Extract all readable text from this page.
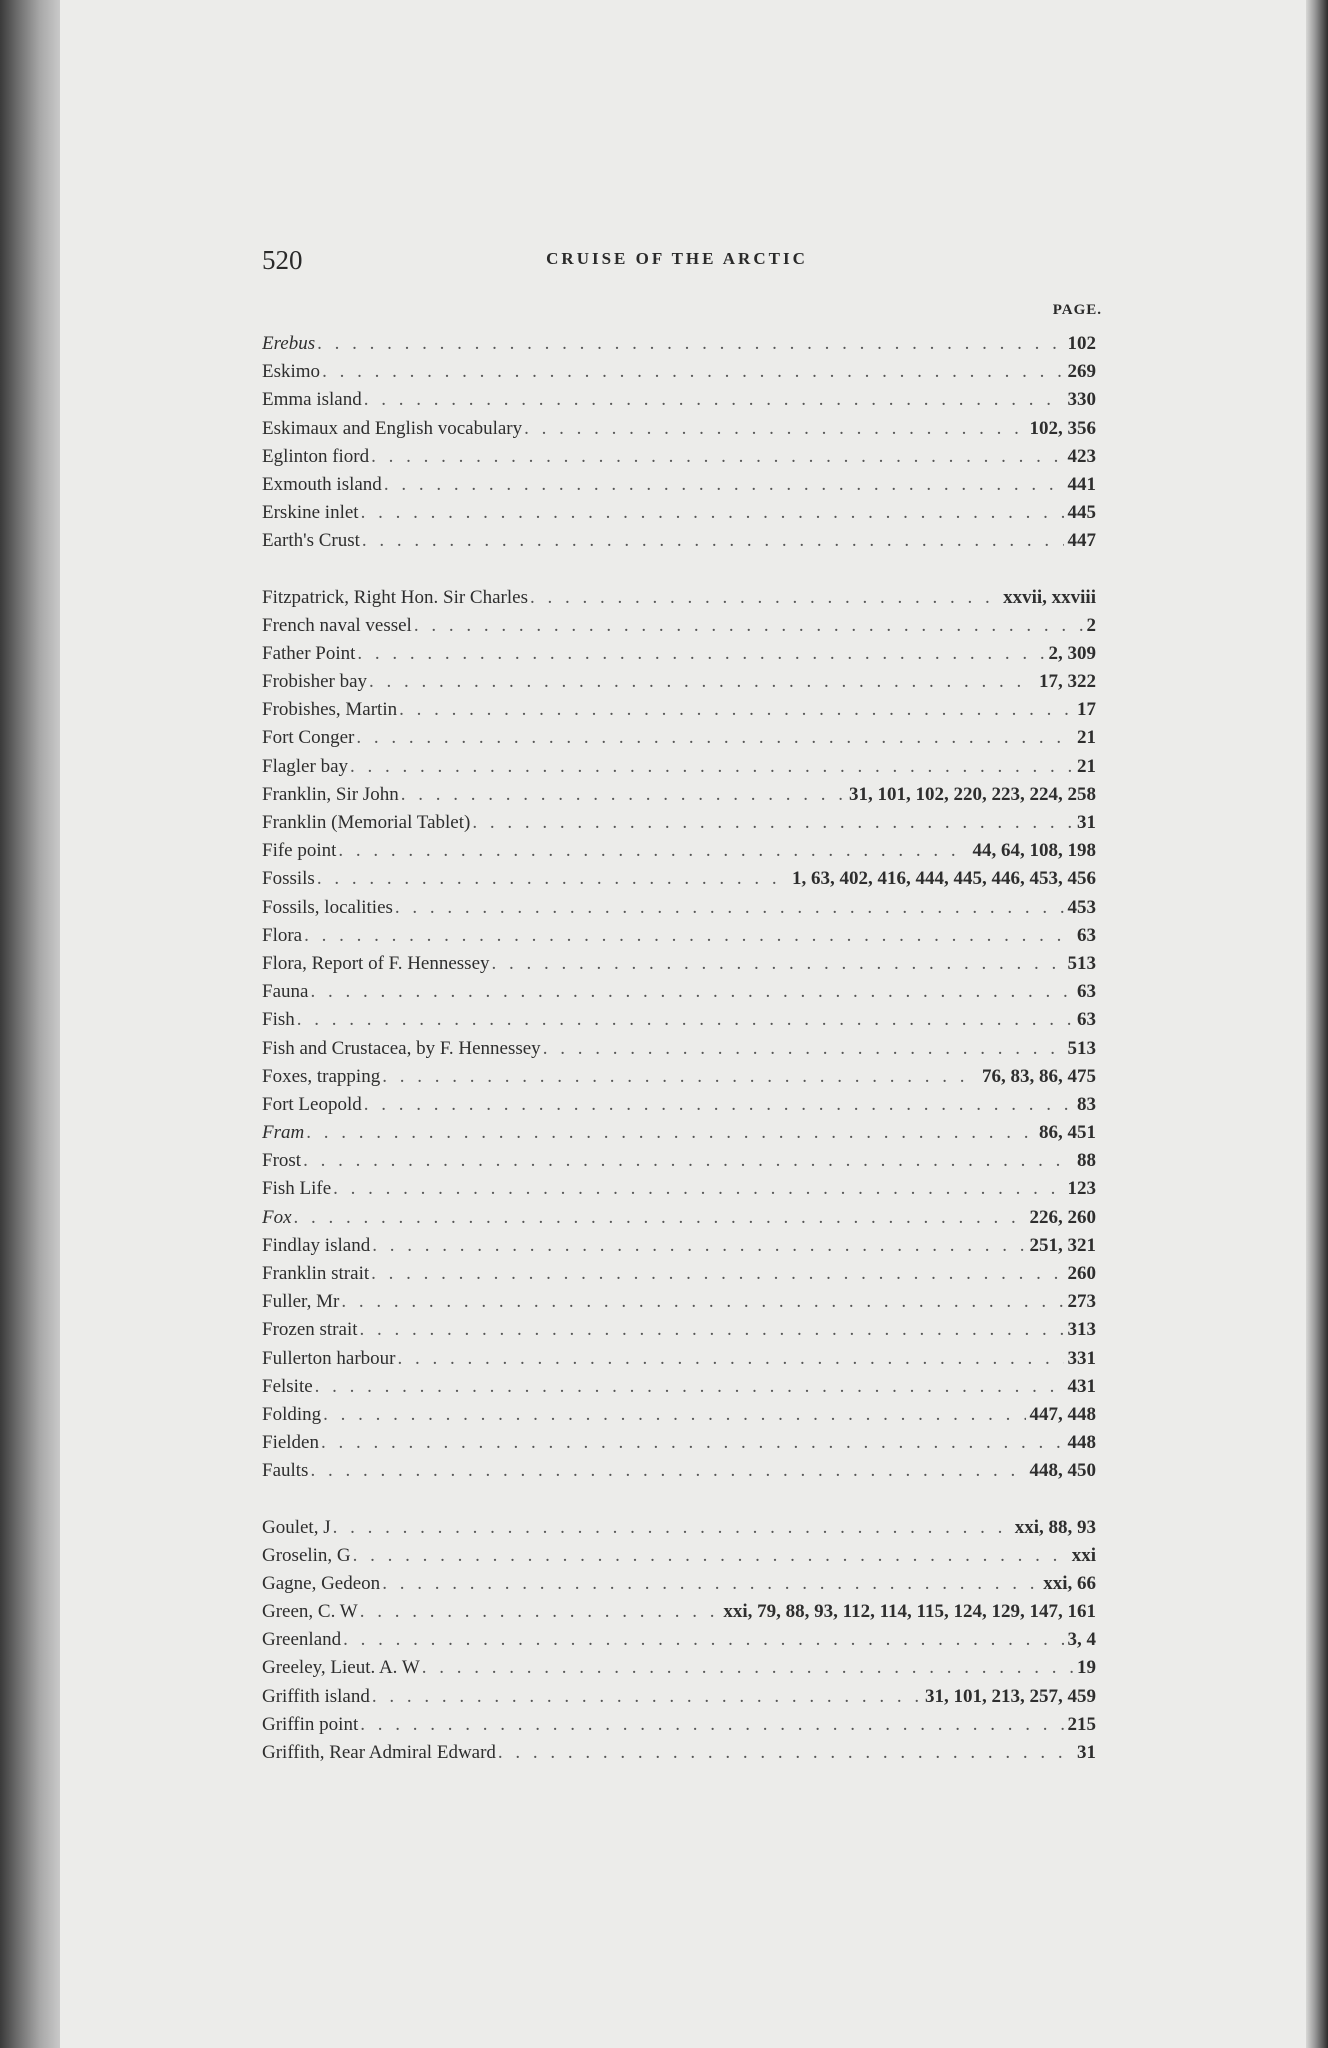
520	CRUISE OF THE ARCTIC
PAGE.
Erebus . . .	102
Eskimo . . .	269
Emma island . . .	330
Eskimaux and English vocabulary . . .	102, 356
Eglinton fiord . . .	423
Exmouth island . . .	441
Erskine inlet . . .	445
Earth's Crust . . .	447
Fitzpatrick, Right Hon. Sir Charles . . .	xxvii, xxviii
French naval vessel . . .	2
Father Point . . .	2, 309
Frobisher bay . . .	17, 322
Frobishes, Martin . . .	17
Fort Conger . . .	21
Flagler bay . . .	21
Franklin, Sir John . . .	31, 101, 102, 220, 223, 224, 258
Franklin (Memorial Tablet) . . .	31
Fife point . . .	44, 64, 108, 198
Fossils . . .	1, 63, 402, 416, 444, 445, 446, 453, 456
Fossils, localities . . .	453
Flora . . .	63
Flora, Report of F. Hennessey . . .	513
Fauna . . .	63
Fish . . .	63
Fish and Crustacea, by F. Hennessey . . .	513
Foxes, trapping . . .	76, 83, 86, 475
Fort Leopold . . .	83
Fram . . .	86, 451
Frost . . .	88
Fish Life . . .	123
Fox . . .	226, 260
Findlay island . . .	251, 321
Franklin strait . . .	260
Fuller, Mr . . .	273
Frozen strait . . .	313
Fullerton harbour . . .	331
Felsite . . .	431
Folding . . .	447, 448
Fielden . . .	448
Faults . . .	448, 450
Goulet, J . . .	xxi, 88, 93
Groselin, G . . .	xxi
Gagne, Gedeon . . .	xxi, 66
Green, C. W . . .	xxi, 79, 88, 93, 112, 114, 115, 124, 129, 147, 161
Greenland . . .	3, 4
Greeley, Lieut. A. W . . .	19
Griffith island . . .	31, 101, 213, 257, 459
Griffin point . . .	215
Griffith, Rear Admiral Edward . . .	31
